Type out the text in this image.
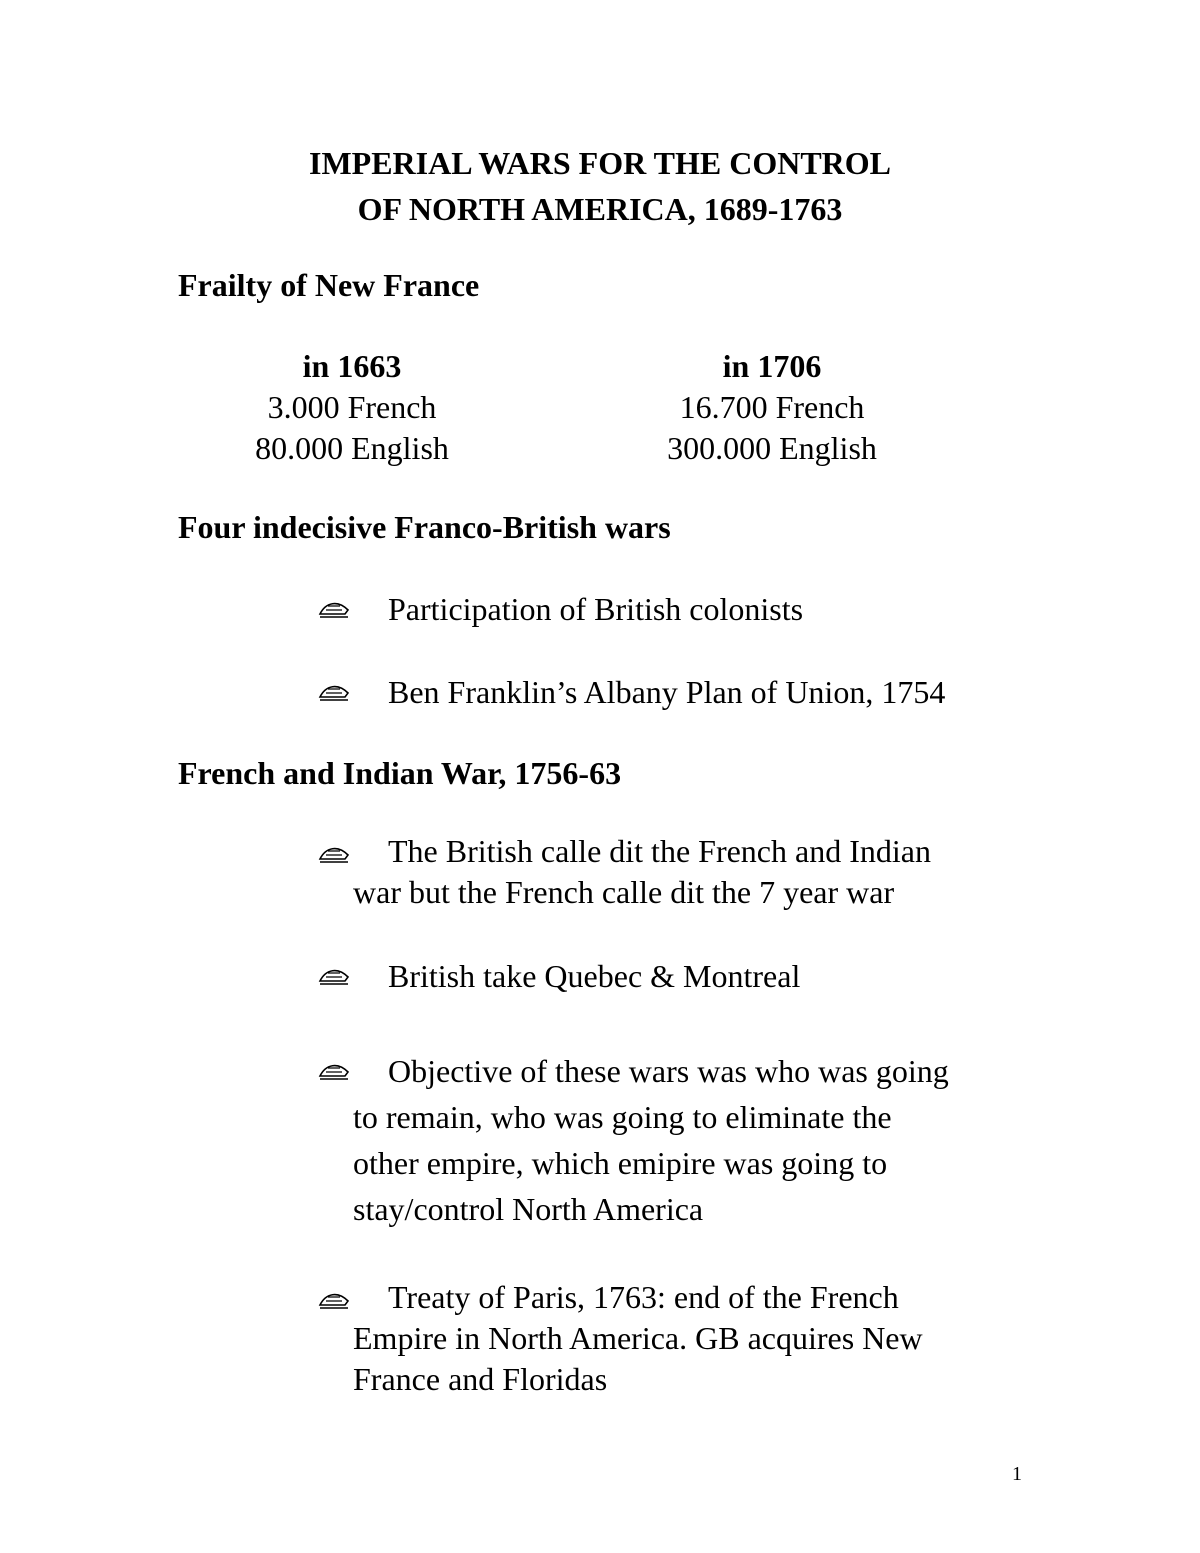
IMPERIAL WARS FOR THE CONTROL
OF NORTH AMERICA, 1689-1763
Frailty of New France
in 1663
3.000 French
80.000 English
in 1706
16.700 French
300.000 English
Four indecisive Franco-British wars
Participation of British colonists
Ben Franklin’s Albany Plan of Union, 1754
French and Indian War, 1756-63
The British calle dit the French and Indian
war but the French calle dit the 7 year war
British take Quebec & Montreal
Objective of these wars was who was going
to remain, who was going to eliminate the
other empire, which emipire was going to
stay/control North America
Treaty of Paris, 1763: end of the French
Empire in North America. GB acquires New
France and Floridas
1
